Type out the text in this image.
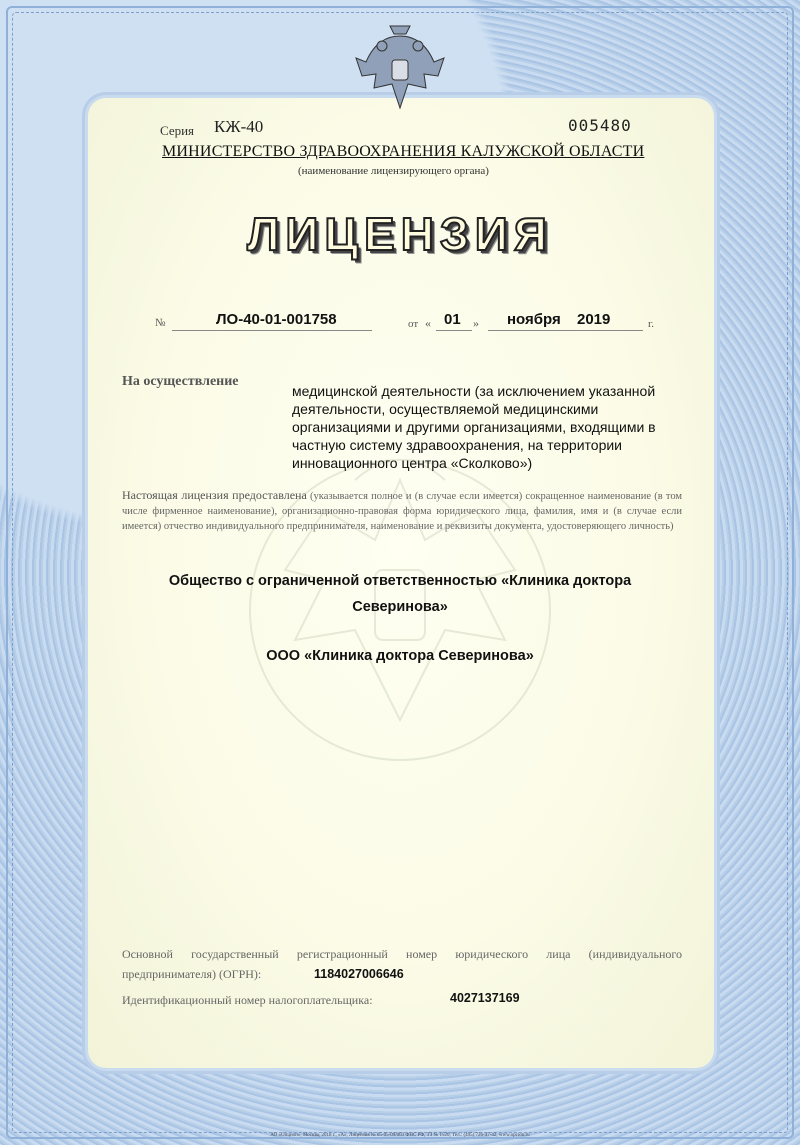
Серия КЖ-40	005480
МИНИСТЕРСТВО ЗДРАВООХРАНЕНИЯ КАЛУЖСКОЙ ОБЛАСТИ
(наименование лицензирующего органа)
ЛИЦЕНЗИЯ
№	ЛО-40-01-001758	от « 01 » ноября 2019	г.
На осуществление
медицинской деятельности (за исключением указанной деятельности, осуществляемой медицинскими организациями и другими организациями, входящими в частную систему здравоохранения, на территории инновационного центра «Сколково»)
Настоящая лицензия предоставлена (указывается полное и (в случае если имеется) сокращенное наименование (в том числе фирменное наименование), организационно-правовая форма юридического лица, фамилия, имя и (в случае если имеется) отчество индивидуального предпринимателя, наименование и реквизиты документа, удостоверяющего личность)
Общество с ограниченной ответственностью «Клиника доктора Северинова»
ООО «Клиника доктора Северинова»
Основной государственный регистрационный номер юридического лица (индивидуального предпринимателя) (ОГРН):	1184027006646
Идентификационный номер налогоплательщика:	4027137169
АО «Опцион», Москва, 2018 г., «А», Лицензия № 05-05-09/003 ФНС РФ, ТЗ № 1520, Тел.: (495) 726-47-42, www.opcion.ru
